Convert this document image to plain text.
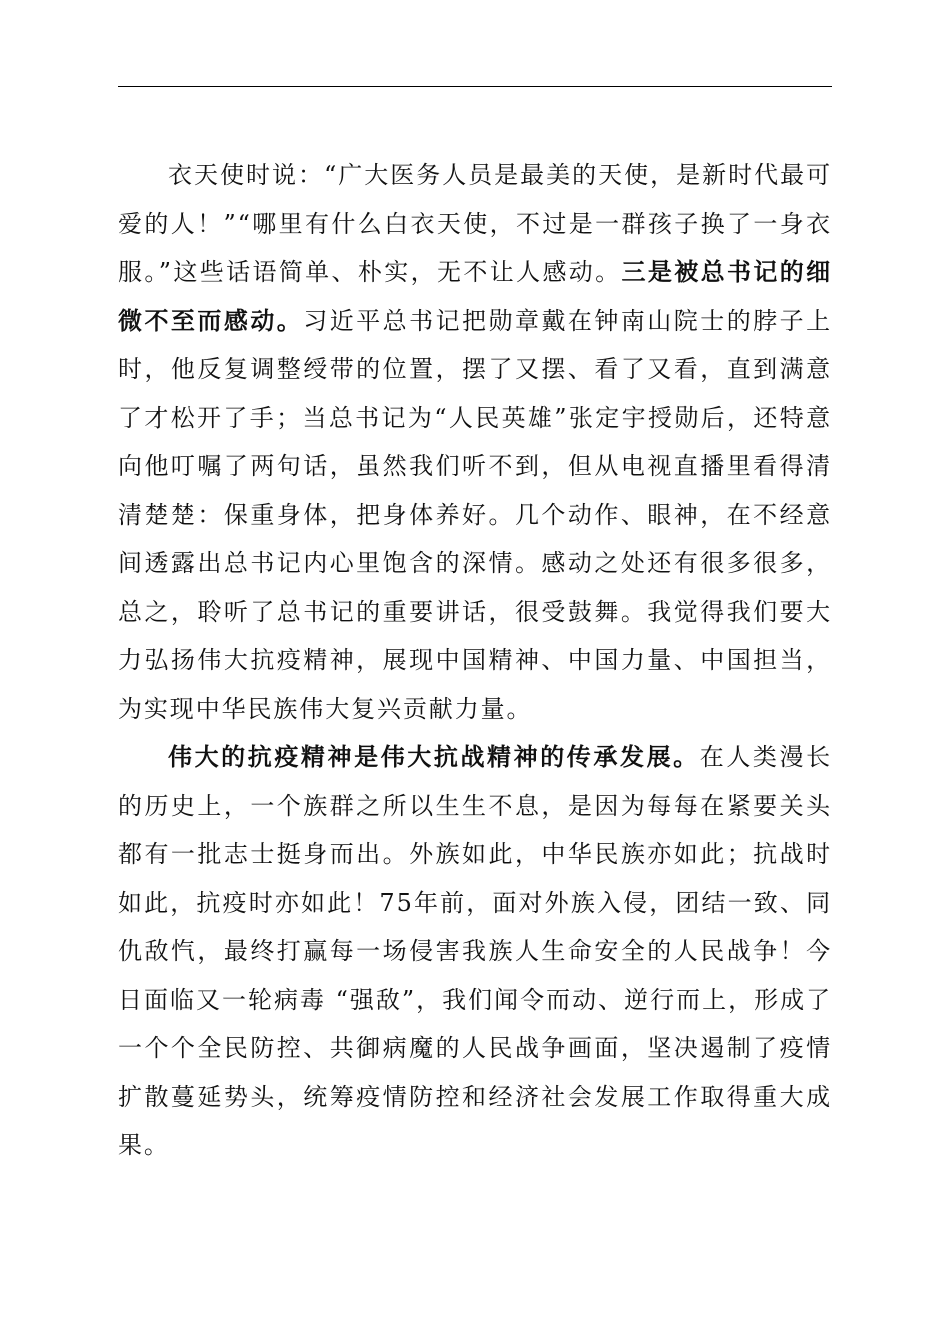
衣天使时说：“广大医务人员是最美的天使，是新时代最可爱的人！”“哪里有什么白衣天使，不过是一群孩子换了一身衣服。”这些话语简单、朴实，无不让人感动。三是被总书记的细微不至而感动。习近平总书记把勋章戴在钟南山院士的脖子上时，他反复调整绶带的位置，摆了又摆、看了又看，直到满意了才松开了手；当总书记为“人民英雄”张定宇授勋后，还特意向他叮嘱了两句话，虽然我们听不到，但从电视直播里看得清清楚楚：保重身体，把身体养好。几个动作、眼神，在不经意间透露出总书记内心里饱含的深情。感动之处还有很多很多，总之，聆听了总书记的重要讲话，很受鼓舞。我觉得我们要大力弘扬伟大抗疫精神，展现中国精神、中国力量、中国担当，为实现中华民族伟大复兴贡献力量。

伟大的抗疫精神是伟大抗战精神的传承发展。在人类漫长的历史上，一个族群之所以生生不息，是因为每每在紧要关头都有一批志士挺身而出。外族如此，中华民族亦如此；抗战时如此，抗疫时亦如此！75年前，面对外族入侵，团结一致、同仇敌忾，最终打赢每一场侵害我族人生命安全的人民战争！今日面临又一轮病毒 “强敌”，我们闻令而动、逆行而上，形成了一个个全民防控、共御病魔的人民战争画面，坚决遏制了疫情扩散蔓延势头，统筹疫情防控和经济社会发展工作取得重大成果。
